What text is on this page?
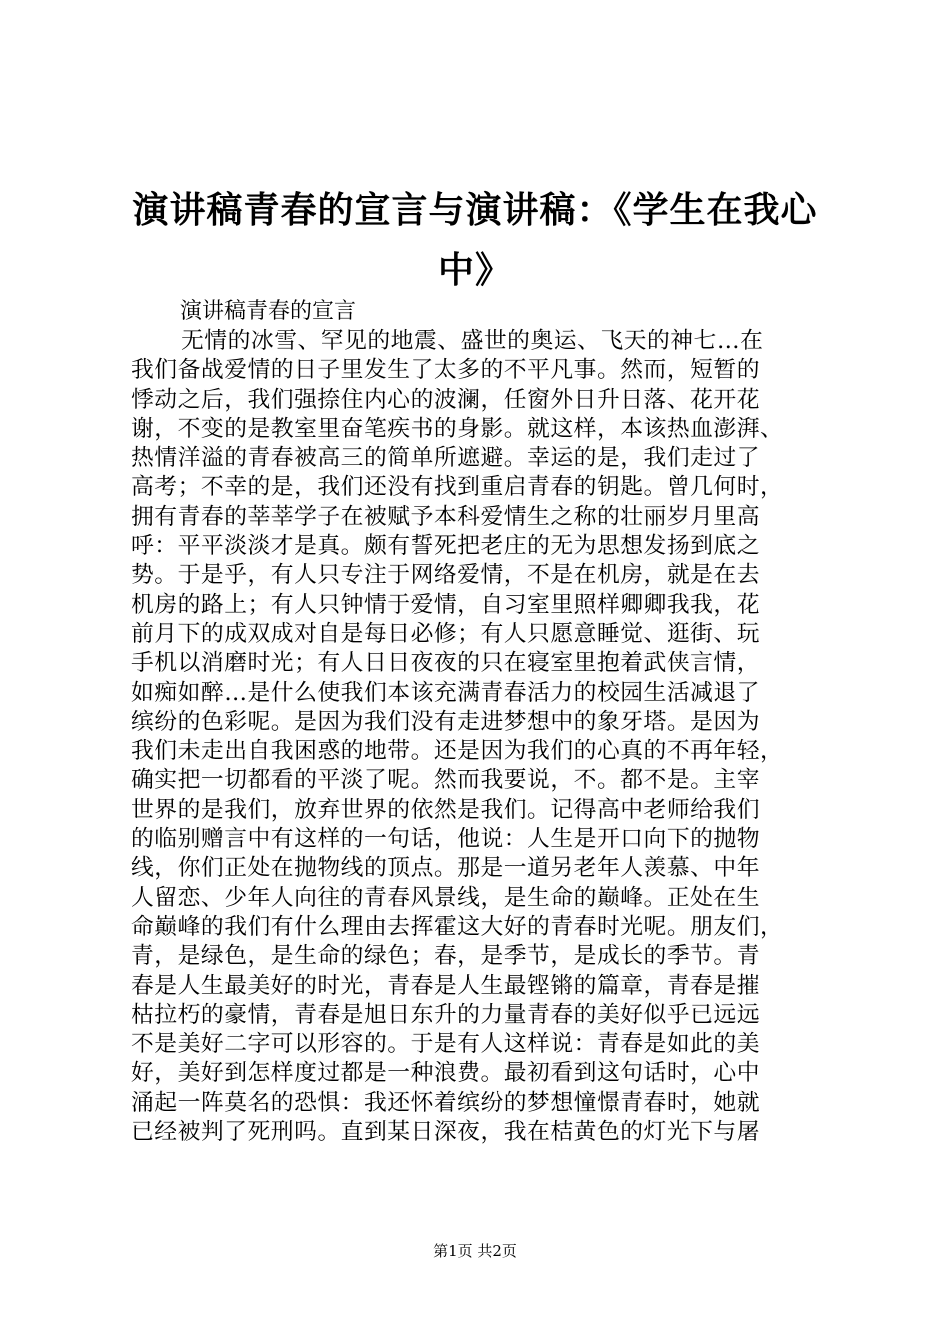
演讲稿青春的宣言与演讲稿：《学生在我心
中》
演讲稿青春的宣言
无情的冰雪、罕见的地震、盛世的奥运、飞天的神七…在
我们备战爱情的日子里发生了太多的不平凡事。然而，短暂的
悸动之后，我们强捺住内心的波澜，任窗外日升日落、花开花
谢，不变的是教室里奋笔疾书的身影。就这样，本该热血澎湃、
热情洋溢的青春被高三的简单所遮避。幸运的是，我们走过了
高考；不幸的是，我们还没有找到重启青春的钥匙。曾几何时，
拥有青春的莘莘学子在被赋予本科爱情生之称的壮丽岁月里高
呼：平平淡淡才是真。颇有誓死把老庄的无为思想发扬到底之
势。于是乎，有人只专注于网络爱情，不是在机房，就是在去
机房的路上；有人只钟情于爱情，自习室里照样卿卿我我，花
前月下的成双成对自是每日必修；有人只愿意睡觉、逛街、玩
手机以消磨时光；有人日日夜夜的只在寝室里抱着武侠言情，
如痴如醉…是什么使我们本该充满青春活力的校园生活减退了
缤纷的色彩呢。是因为我们没有走进梦想中的象牙塔。是因为
我们未走出自我困惑的地带。还是因为我们的心真的不再年轻，
确实把一切都看的平淡了呢。然而我要说，不。都不是。主宰
世界的是我们，放弃世界的依然是我们。记得高中老师给我们
的临别赠言中有这样的一句话，他说：人生是开口向下的抛物
线，你们正处在抛物线的顶点。那是一道另老年人羡慕、中年
人留恋、少年人向往的青春风景线，是生命的巅峰。正处在生
命巅峰的我们有什么理由去挥霍这大好的青春时光呢。朋友们，
青，是绿色，是生命的绿色；春，是季节，是成长的季节。青
春是人生最美好的时光，青春是人生最铿锵的篇章，青春是摧
枯拉朽的豪情，青春是旭日东升的力量青春的美好似乎已远远
不是美好二字可以形容的。于是有人这样说：青春是如此的美
好，美好到怎样度过都是一种浪费。最初看到这句话时，心中
涌起一阵莫名的恐惧：我还怀着缤纷的梦想憧憬青春时，她就
已经被判了死刑吗。直到某日深夜，我在桔黄色的灯光下与屠
第1页 共2页
